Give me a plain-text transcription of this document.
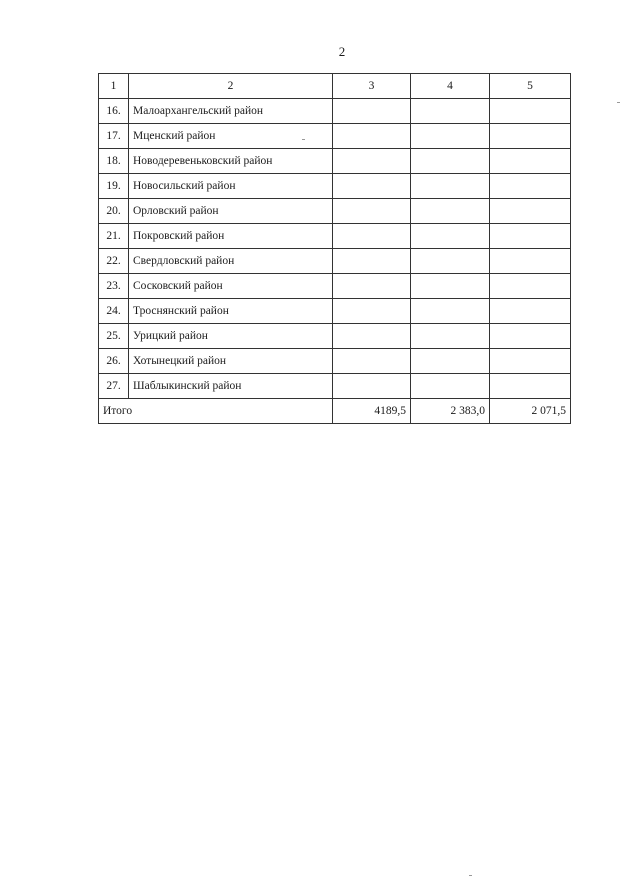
2
1	2	3	4	5
16.	Малоархангельский район			
17.	Мценский район			
18.	Новодеревеньковский район			
19.	Новосильский район			
20.	Орловский район			
21.	Покровский район			
22.	Свердловский район			
23.	Сосковский район			
24.	Троснянский район			
25.	Урицкий район			
26.	Хотынецкий район			
27.	Шаблыкинский район			
Итого		4189,5	2 383,0	2 071,5
